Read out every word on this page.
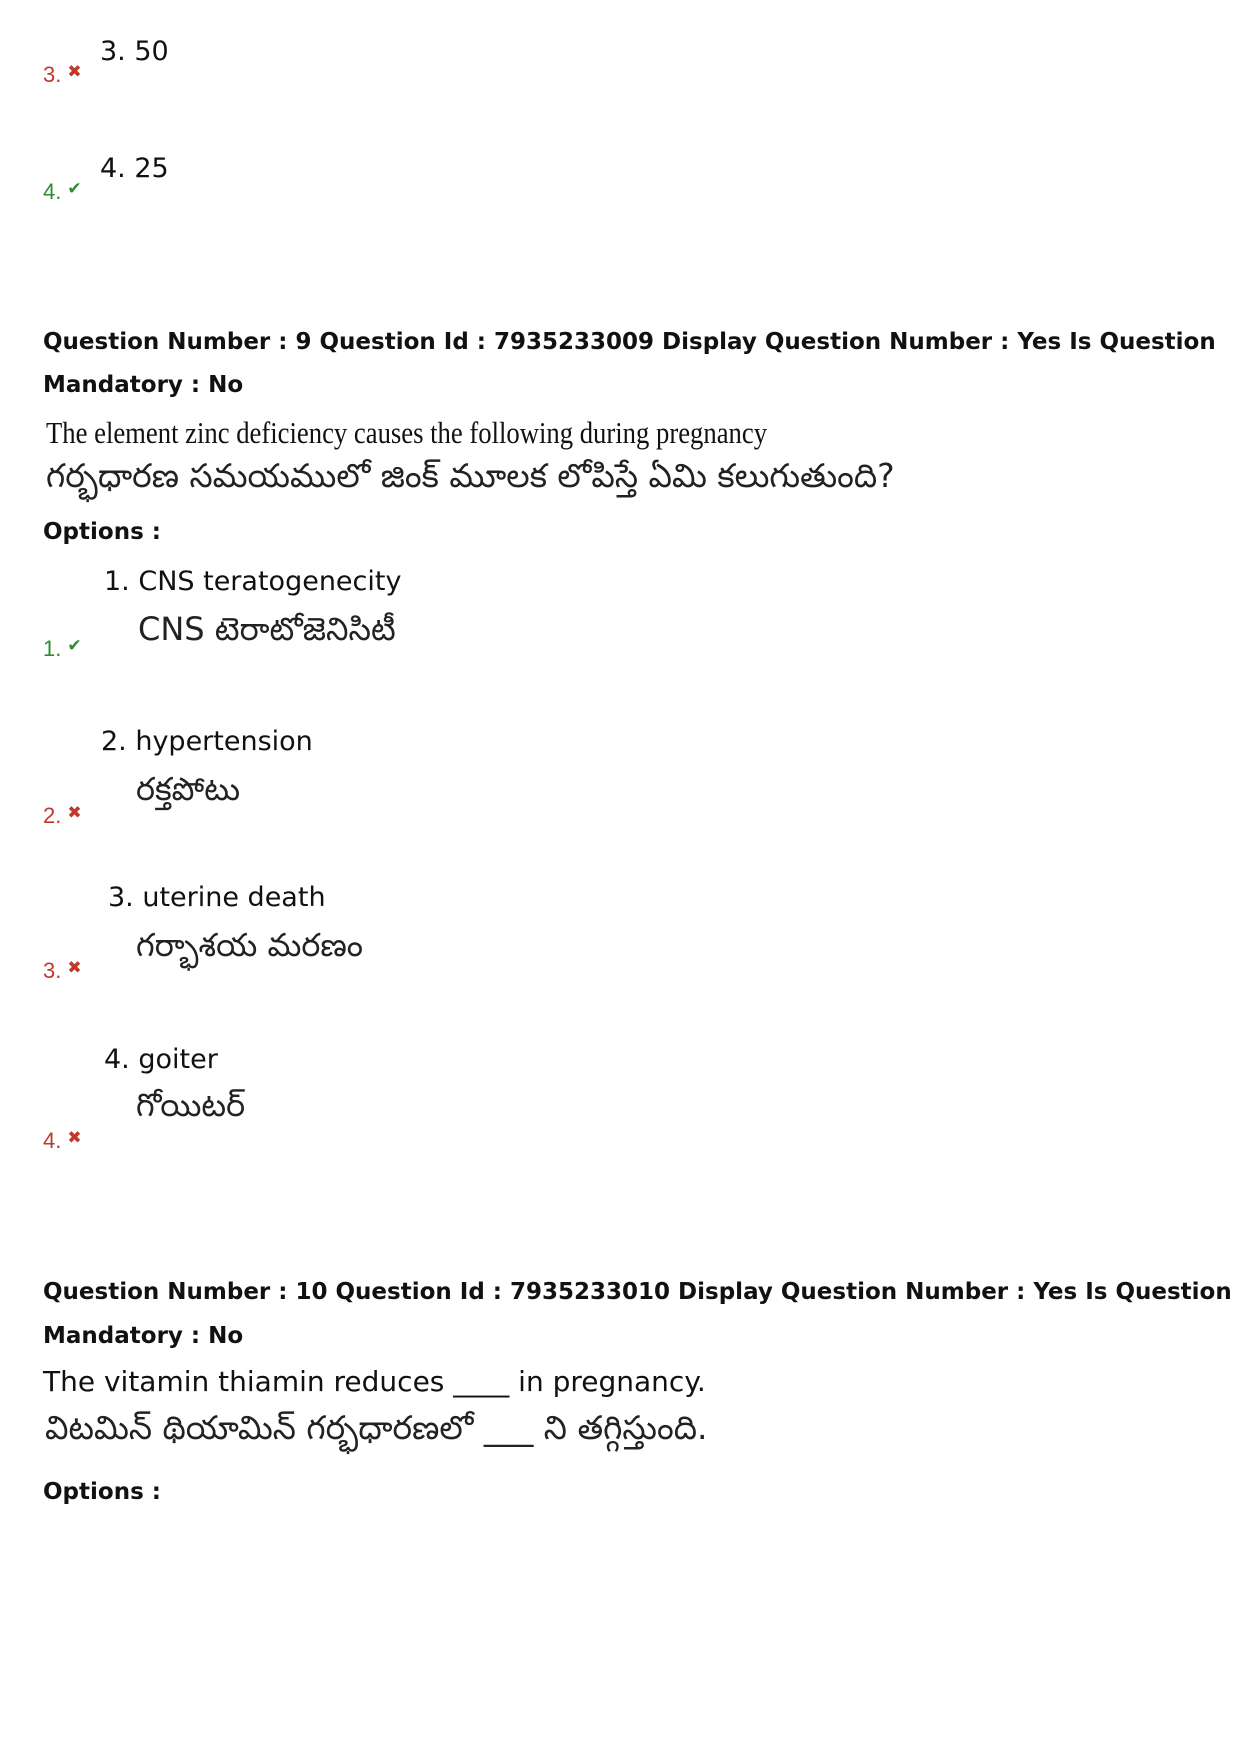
3. 50
3. ✖
4. 25
4. ✔
Question Number : 9 Question Id : 7935233009 Display Question Number : Yes Is Question
Mandatory : No
The element zinc deficiency causes the following during pregnancy
గర్భధారణ సమయములో జింక్ మూలక లోపిస్తే ఏమి కలుగుతుంది?
Options :
1. CNS teratogenecity
CNS టెరాటోజెనిసిటీ
1. ✔
2. hypertension
రక్తపోటు
2. ✖
3. uterine death
గర్భాశయ మరణం
3. ✖
4. goiter
గోయిటర్
4. ✖
Question Number : 10 Question Id : 7935233010 Display Question Number : Yes Is Question
Mandatory : No
The vitamin thiamin reduces ____ in pregnancy.
విటమిన్ థియామిన్ గర్భధారణలో ___ ని తగ్గిస్తుంది.
Options :
